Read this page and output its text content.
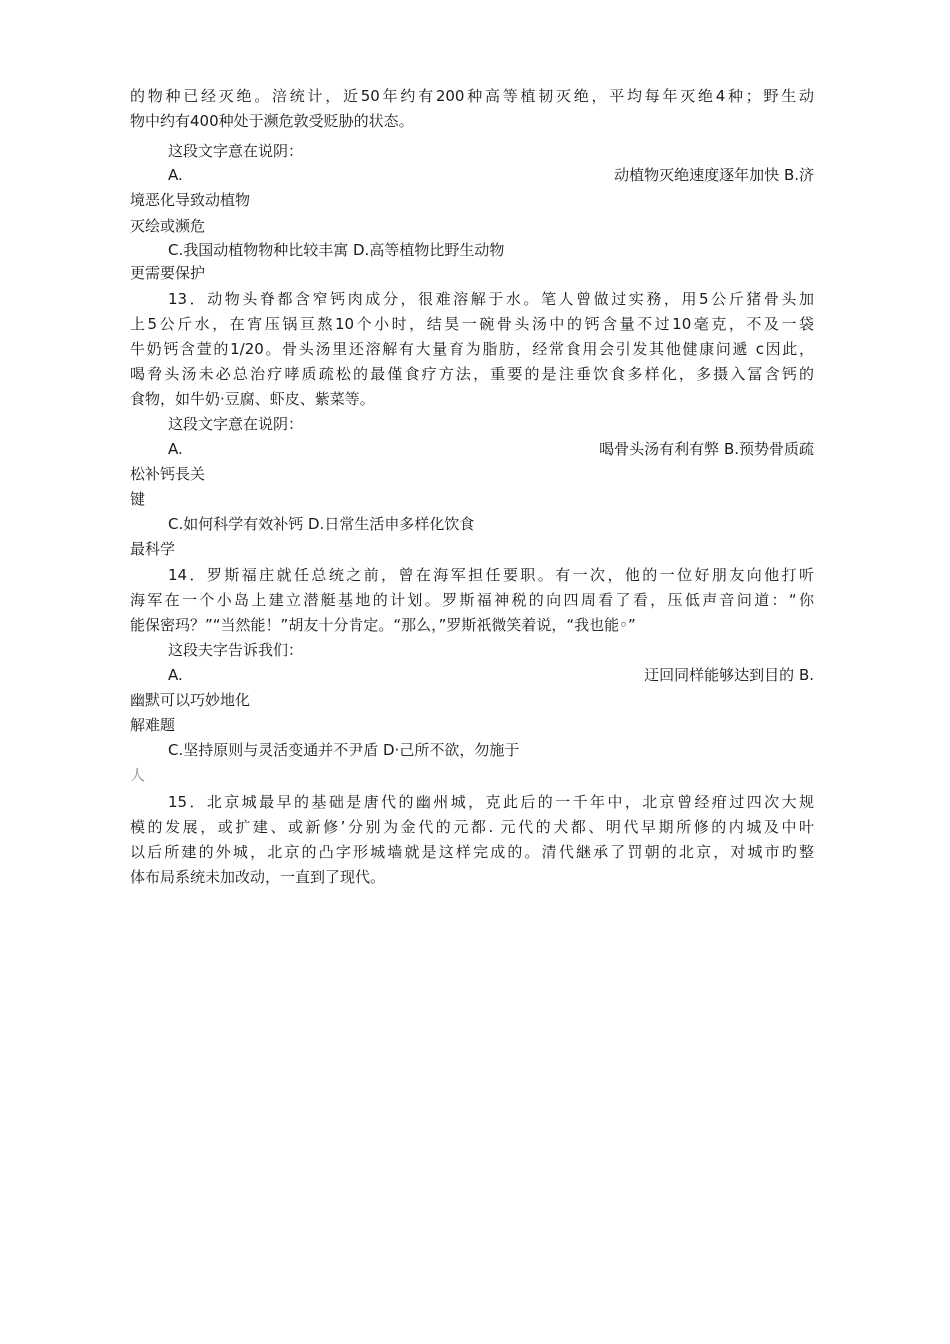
的物种已经灭绝。涪统计，近50年约有200种高等植韧灭绝，平均每年灭绝4种；野生动
物中约有400种处于濒危敦受贬胁的状态。
这段文字意在说阴：
A.	动植物灭绝速度逐年加快 B.济
境恶化导致动植物
灭绘或濒危
C.我国动植物物种比较丰寓 D.高等植物比野生动物
更需要保护
13．动物头脊都含窄钙肉成分，很难溶解于水。笔人曾做过实務，用5公斤猪骨头加
上5公斤水，在宵压锅亘熬10个小时，结昊一碗骨头汤中的钙含量不过10毫克，不及一袋
牛奶钙含萱的1/20。骨头汤里还溶解有大量育为脂肪，经常食用会引发其他健康问遞 c因此，
喝脅头汤未必总治疗哮质疏松的最僅食疗方法，重要的是注垂饮食多样化，多摄入冨含钙的
食物，如牛奶·豆腐、虾皮、紫菜等。
这段文字意在说阴：
A.	喝骨头汤有利有弊 B.预势骨质疏
松补钙長关
键
C.如何科学有效补钙 D.日常生活申多样化饮食
最科学
14．罗斯福庄就任总统之前，曾在海军担任要职。有一次，他的一位好朋友向他打听
海军在一个小岛上建立潜艇基地的计划。罗斯福神税的向四周看了看，压低声音问道：“你
能保密玛？”“当然能！”胡友十分肯定。“那么，”罗斯祇微笑着说，“我也能◦”
这段夫字告诉我们：
A.	迂回同样能够达到目的 B.
幽默可以巧妙地化
解难题
C.坚持原则与灵活变通并不尹盾 D·己所不欲，勿施于
人
15．北京城最早的基础是唐代的幽州城，克此后的一千年中，北京曾经疳过四次大规
模的发展，或扩建、或新修’分别为金代的元都. 元代的犬都、明代早期所修的内城及中叶
以后所建的外城，北京的凸字形城墙就是这样完成的。清代継承了罚朝的北京，对城市旳整
体布局系统未加改动，一直到了现代。
